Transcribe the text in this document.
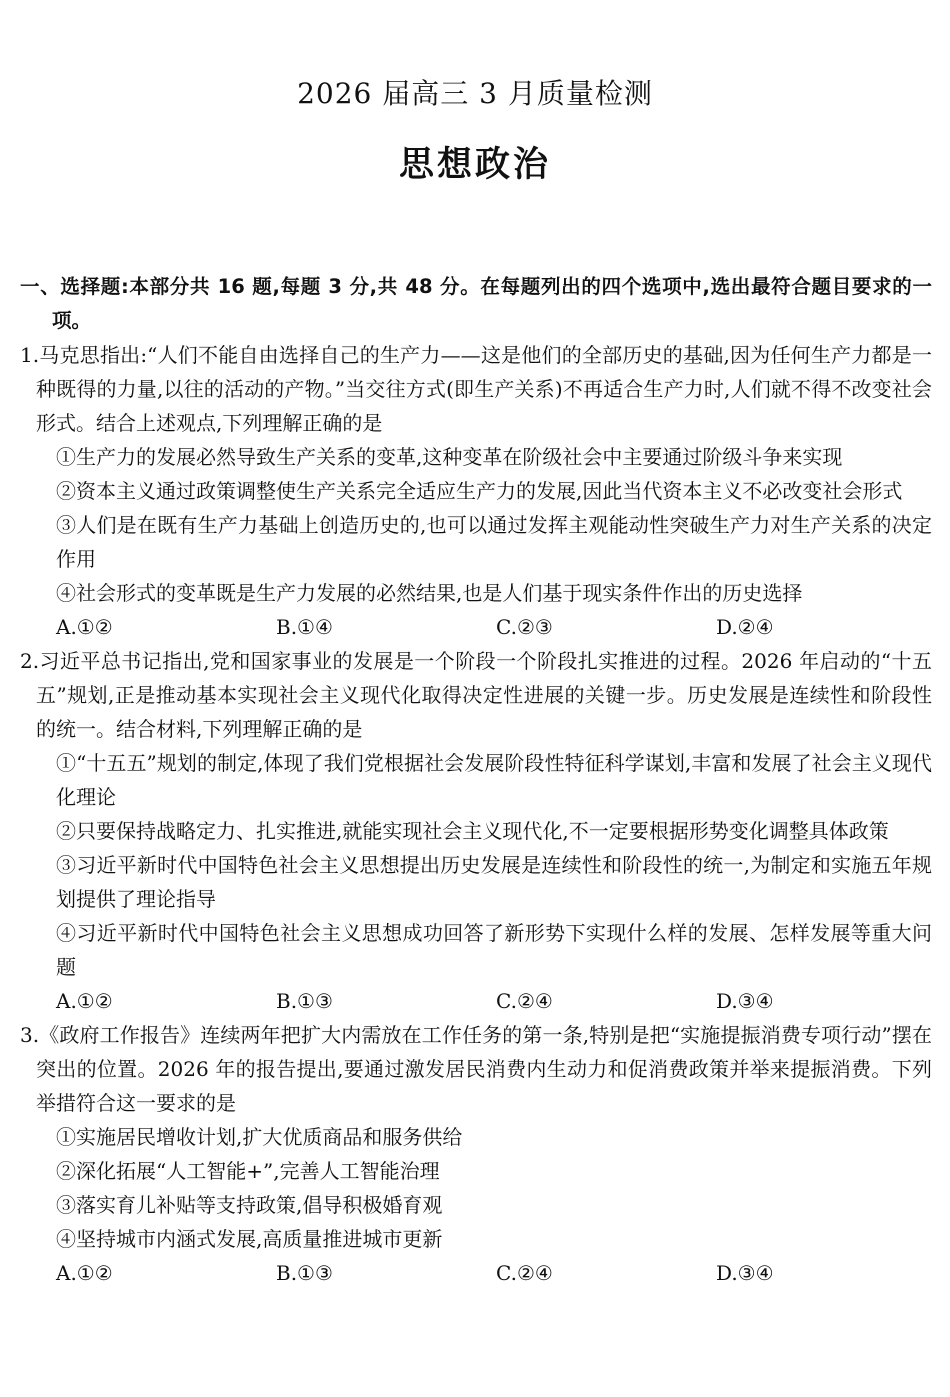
2026 届高三 3 月质量检测
思想政治
一、选择题:本部分共 16 题,每题 3 分,共 48 分。在每题列出的四个选项中,选出最符合题目要求的一项。

1.马克思指出:“人们不能自由选择自己的生产力——这是他们的全部历史的基础,因为任何生产力都是一种既得的力量,以往的活动的产物。”当交往方式(即生产关系)不再适合生产力时,人们就不得不改变社会形式。结合上述观点,下列理解正确的是

①生产力的发展必然导致生产关系的变革,这种变革在阶级社会中主要通过阶级斗争来实现

②资本主义通过政策调整使生产关系完全适应生产力的发展,因此当代资本主义不必改变社会形式

③人们是在既有生产力基础上创造历史的,也可以通过发挥主观能动性突破生产力对生产关系的决定作用

④社会形式的变革既是生产力发展的必然结果,也是人们基于现实条件作出的历史选择

A.①②	B.①④	C.②③	D.②④

2.习近平总书记指出,党和国家事业的发展是一个阶段一个阶段扎实推进的过程。2026 年启动的“十五五”规划,正是推动基本实现社会主义现代化取得决定性进展的关键一步。历史发展是连续性和阶段性的统一。结合材料,下列理解正确的是

①“十五五”规划的制定,体现了我们党根据社会发展阶段性特征科学谋划,丰富和发展了社会主义现代化理论

②只要保持战略定力、扎实推进,就能实现社会主义现代化,不一定要根据形势变化调整具体政策

③习近平新时代中国特色社会主义思想提出历史发展是连续性和阶段性的统一,为制定和实施五年规划提供了理论指导

④习近平新时代中国特色社会主义思想成功回答了新形势下实现什么样的发展、怎样发展等重大问题

A.①②	B.①③	C.②④	D.③④

3.《政府工作报告》连续两年把扩大内需放在工作任务的第一条,特别是把“实施提振消费专项行动”摆在突出的位置。2026 年的报告提出,要通过激发居民消费内生动力和促消费政策并举来提振消费。下列举措符合这一要求的是

①实施居民增收计划,扩大优质商品和服务供给

②深化拓展“人工智能+”,完善人工智能治理

③落实育儿补贴等支持政策,倡导积极婚育观

④坚持城市内涵式发展,高质量推进城市更新

A.①②	B.①③	C.②④	D.③④
